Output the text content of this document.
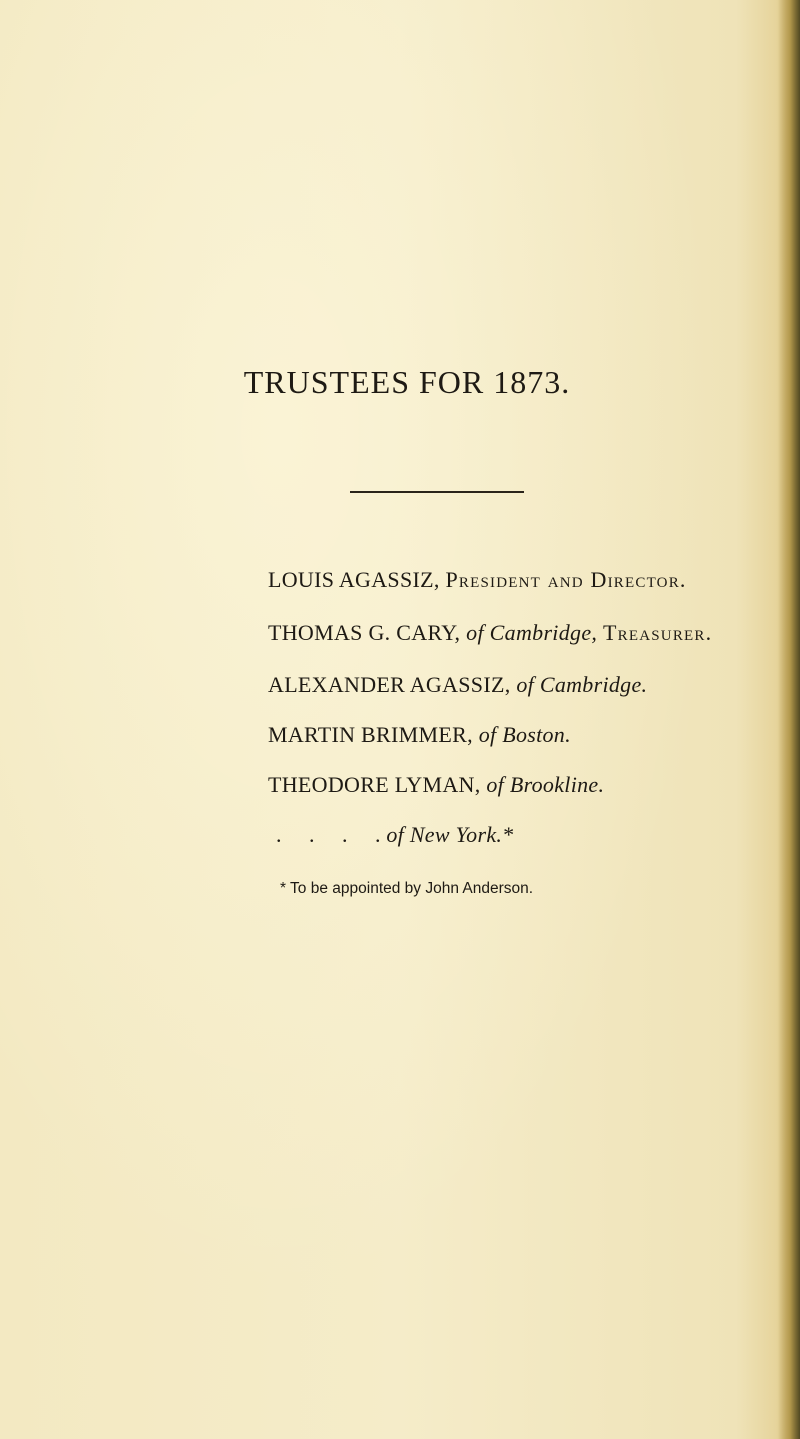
TRUSTEES FOR 1873.
LOUIS AGASSIZ, President and Director.
THOMAS G. CARY, of Cambridge, Treasurer.
ALEXANDER AGASSIZ, of Cambridge.
MARTIN BRIMMER, of Boston.
THEODORE LYMAN, of Brookline.
. . . . of New York.*
* To be appointed by John Anderson.
